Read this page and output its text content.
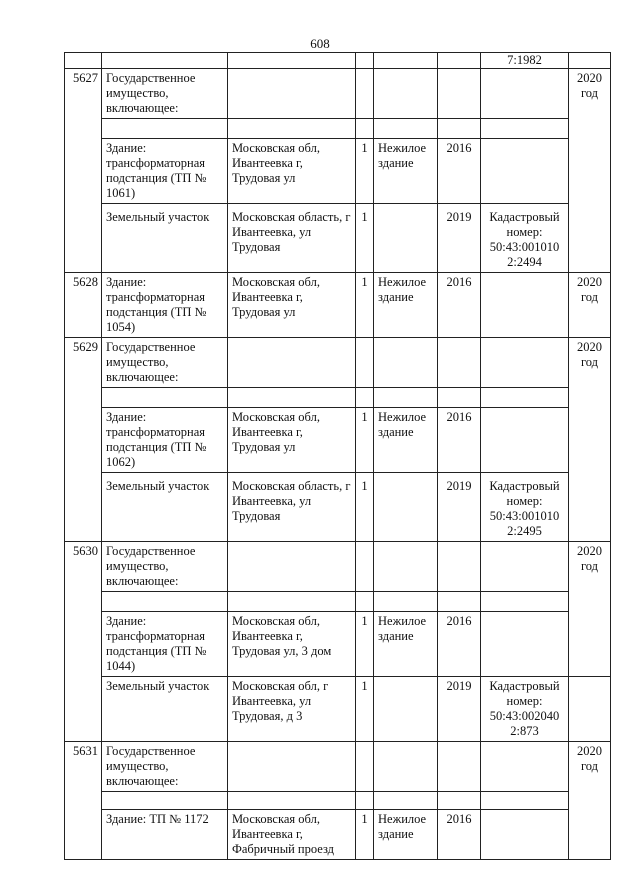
608
						7:1982	
5627	Государственное имущество, включающее:						2020 год

	Здание: трансформаторная подстанция (ТП № 1061)	Московская обл, Ивантеевка г, Трудовая ул	1	Нежилое здание	2016		
	Земельный участок	Московская область, г Ивантеевка, ул Трудовая	1		2019	Кадастровый номер: 50:43:001010 2:2494	
5628	Здание: трансформаторная подстанция (ТП № 1054)	Московская обл, Ивантеевка г, Трудовая ул	1	Нежилое здание	2016		2020 год
5629	Государственное имущество, включающее:						2020 год

	Здание: трансформаторная подстанция (ТП № 1062)	Московская обл, Ивантеевка г, Трудовая ул	1	Нежилое здание	2016		
	Земельный участок	Московская область, г Ивантеевка, ул Трудовая	1		2019	Кадастровый номер: 50:43:001010 2:2495	
5630	Государственное имущество, включающее:						2020 год

	Здание: трансформаторная подстанция (ТП № 1044)	Московская обл, Ивантеевка г, Трудовая ул, 3 дом	1	Нежилое здание	2016		
	Земельный участок	Московская обл, г Ивантеевка, ул Трудовая, д 3	1		2019	Кадастровый номер: 50:43:002040 2:873	
5631	Государственное имущество, включающее:						2020 год

	Здание: ТП № 1172	Московская обл, Ивантеевка г, Фабричный проезд	1	Нежилое здание	2016		
